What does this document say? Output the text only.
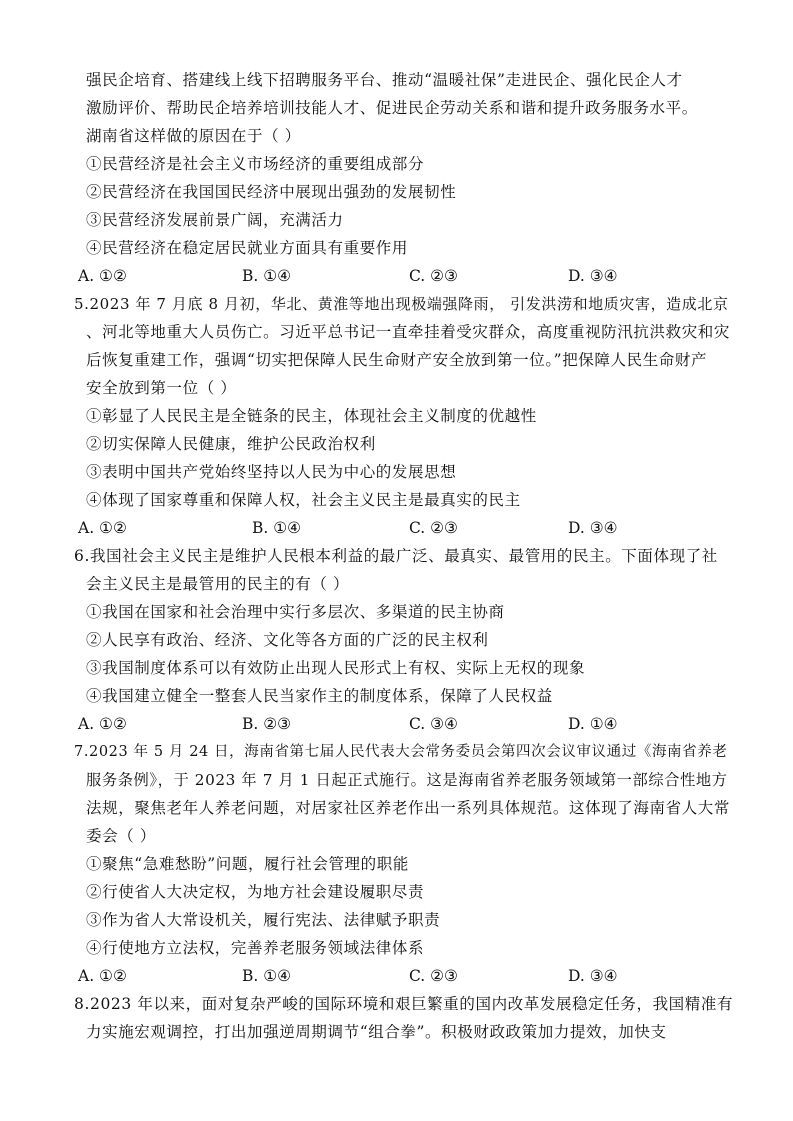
强民企培育、搭建线上线下招聘服务平台、推动“温暖社保”走进民企、强化民企人才
激励评价、帮助民企培养培训技能人才、促进民企劳动关系和谐和提升政务服务水平。
湖南省这样做的原因在于（ ）
①民营经济是社会主义市场经济的重要组成部分
②民营经济在我国国民经济中展现出强劲的发展韧性
③民营经济发展前景广阔，充满活力
④民营经济在稳定居民就业方面具有重要作用
A. ①②	B. ①④	C. ②③	D. ③④
5.2023 年 7 月底 8 月初，华北、黄淮等地出现极端强降雨， 引发洪涝和地质灾害，造成北京
、河北等地重大人员伤亡。习近平总书记一直牵挂着受灾群众，高度重视防汛抗洪救灾和灾
后恢复重建工作，强调“切实把保障人民生命财产安全放到第一位。”把保障人民生命财产
安全放到第一位（ ）
①彰显了人民民主是全链条的民主，体现社会主义制度的优越性
②切实保障人民健康，维护公民政治权利
③表明中国共产党始终坚持以人民为中心的发展思想
④体现了国家尊重和保障人权，社会主义民主是最真实的民主
A. ①②	B. ①④	C. ②③	D. ③④
6.我国社会主义民主是维护人民根本利益的最广泛、最真实、最管用的民主。下面体现了社
会主义民主是最管用的民主的有（ ）
①我国在国家和社会治理中实行多层次、多渠道的民主协商
②人民享有政治、经济、文化等各方面的广泛的民主权利
③我国制度体系可以有效防止出现人民形式上有权、实际上无权的现象
④我国建立健全一整套人民当家作主的制度体系，保障了人民权益
A. ①②	B. ②③	C. ③④	D. ①④
7.2023 年 5 月 24 日，海南省第七届人民代表大会常务委员会第四次会议审议通过《海南省养老
服务条例》，于 2023 年 7 月 1 日起正式施行。这是海南省养老服务领域第一部综合性地方
法规，聚焦老年人养老问题，对居家社区养老作出一系列具体规范。这体现了海南省人大常
委会（ ）
①聚焦“急难愁盼”问题，履行社会管理的职能
②行使省人大决定权，为地方社会建设履职尽责
③作为省人大常设机关，履行宪法、法律赋予职责
④行使地方立法权，完善养老服务领域法律体系
A. ①②	B. ①④	C. ②③	D. ③④
8.2023 年以来，面对复杂严峻的国际环境和艰巨繁重的国内改革发展稳定任务，我国精准有
力实施宏观调控，打出加强逆周期调节“组合拳”。积极财政政策加力提效，加快支
